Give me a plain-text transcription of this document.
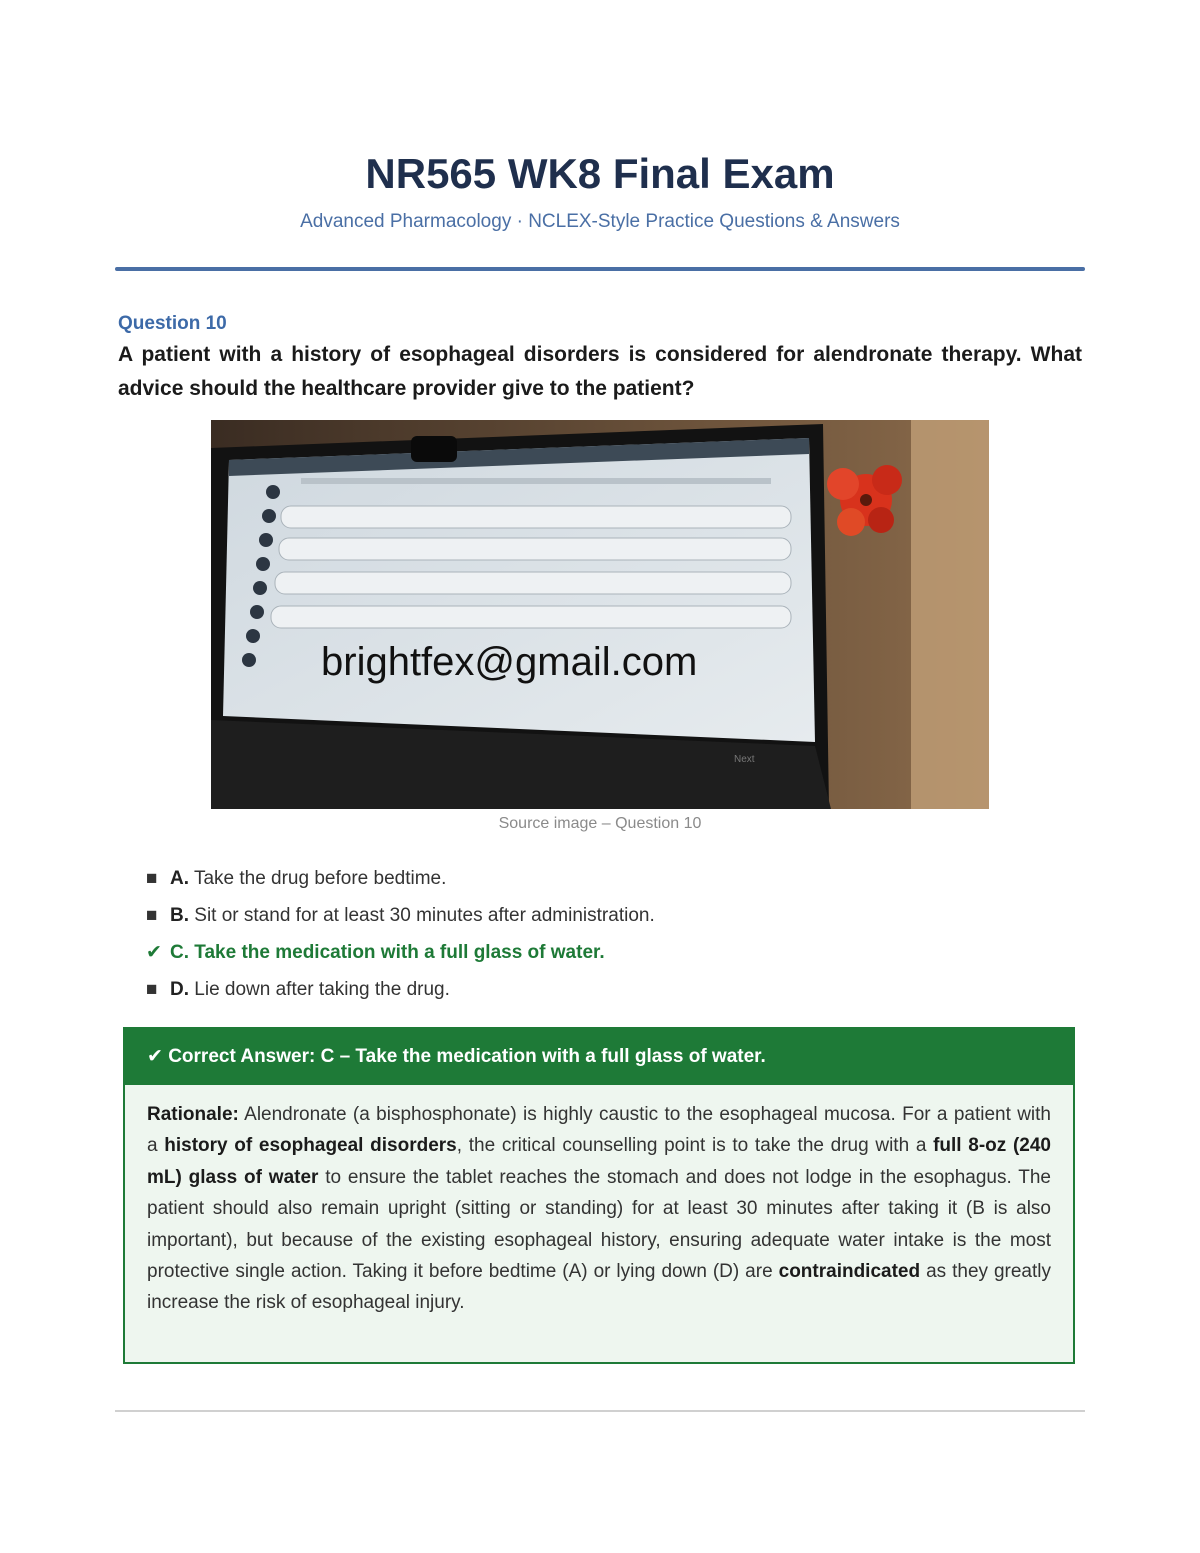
NR565 WK8 Final Exam
Advanced Pharmacology · NCLEX-Style Practice Questions & Answers
Question 10
A patient with a history of esophageal disorders is considered for alendronate therapy. What advice should the healthcare provider give to the patient?
Next
brightfex@gmail.com
Source image – Question 10
■ A. Take the drug before bedtime.
■ B. Sit or stand for at least 30 minutes after administration.
✔ C. Take the medication with a full glass of water.
■ D. Lie down after taking the drug.
✔ Correct Answer: C – Take the medication with a full glass of water.
Rationale: Alendronate (a bisphosphonate) is highly caustic to the esophageal mucosa. For a patient with a history of esophageal disorders, the critical counselling point is to take the drug with a full 8-oz (240 mL) glass of water to ensure the tablet reaches the stomach and does not lodge in the esophagus. The patient should also remain upright (sitting or standing) for at least 30 minutes after taking it (B is also important), but because of the existing esophageal history, ensuring adequate water intake is the most protective single action. Taking it before bedtime (A) or lying down (D) are contraindicated as they greatly increase the risk of esophageal injury.
